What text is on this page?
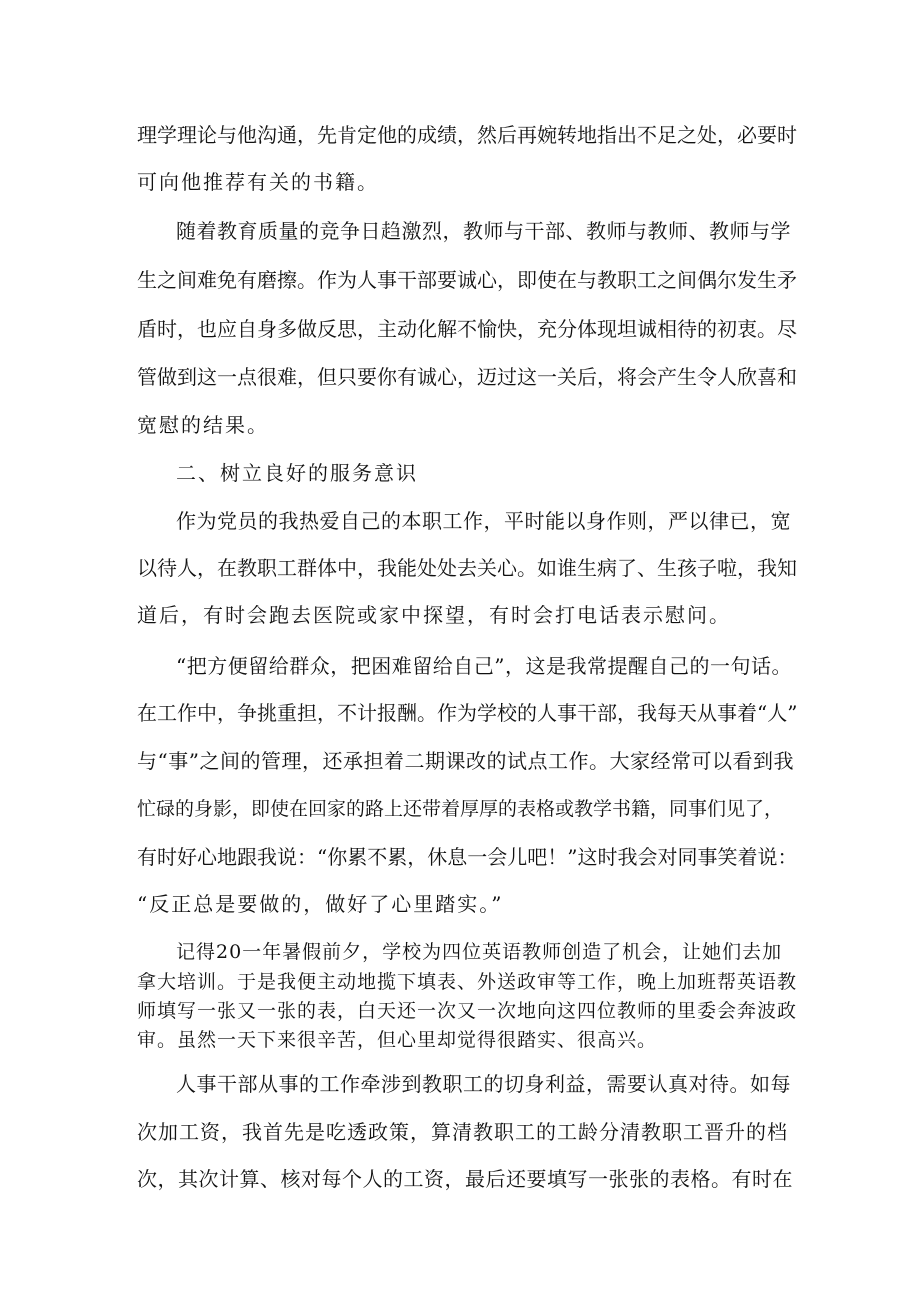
理学理论与他沟通，先肯定他的成绩，然后再婉转地指出不足之处，必要时
可向他推荐有关的书籍。
随着教育质量的竞争日趋激烈，教师与干部、教师与教师、教师与学
生之间难免有磨擦。作为人事干部要诚心，即使在与教职工之间偶尔发生矛
盾时，也应自身多做反思，主动化解不愉快，充分体现坦诚相待的初衷。尽
管做到这一点很难，但只要你有诚心，迈过这一关后，将会产生令人欣喜和
宽慰的结果。
二、树立良好的服务意识
作为党员的我热爱自己的本职工作，平时能以身作则，严以律已，宽
以待人，在教职工群体中，我能处处去关心。如谁生病了、生孩子啦，我知
道后，有时会跑去医院或家中探望，有时会打电话表示慰问。
“把方便留给群众，把困难留给自己”，这是我常提醒自己的一句话。
在工作中，争挑重担，不计报酬。作为学校的人事干部，我每天从事着“人”
与“事”之间的管理，还承担着二期课改的试点工作。大家经常可以看到我
忙碌的身影，即使在回家的路上还带着厚厚的表格或教学书籍，同事们见了，
有时好心地跟我说：“你累不累，休息一会儿吧！”这时我会对同事笑着说：
“反正总是要做的，做好了心里踏实。”
记得20一年暑假前夕，学校为四位英语教师创造了机会，让她们去加
拿大培训。于是我便主动地揽下填表、外送政审等工作，晚上加班帮英语教
师填写一张又一张的表，白天还一次又一次地向这四位教师的里委会奔波政
审。虽然一天下来很辛苦，但心里却觉得很踏实、很高兴。
人事干部从事的工作牵涉到教职工的切身利益，需要认真对待。如每
次加工资，我首先是吃透政策，算清教职工的工龄分清教职工晋升的档
次，其次计算、核对每个人的工资，最后还要填写一张张的表格。有时在
